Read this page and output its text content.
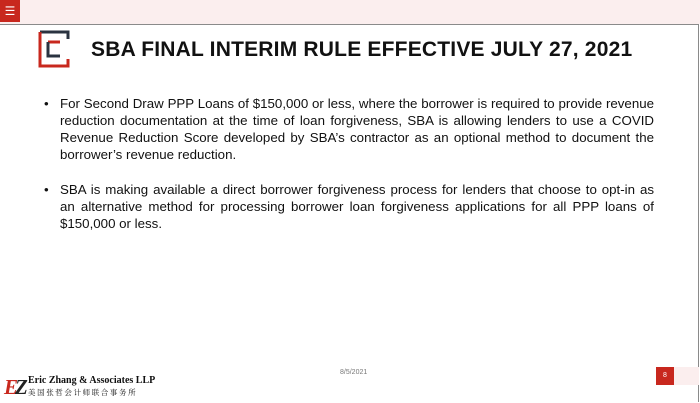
☰
SBA FINAL INTERIM RULE EFFECTIVE JULY 27, 2021
• For Second Draw PPP Loans of $150,000 or less, where the borrower is required to provide revenue reduction documentation at the time of loan forgiveness, SBA is allowing lenders to use a COVID Revenue Reduction Score developed by SBA’s contractor as an optional method to document the borrower’s revenue reduction.
• SBA is making available a direct borrower forgiveness process for lenders that choose to opt-in as an alternative method for processing borrower loan forgiveness applications for all PPP loans of $150,000 or less.
8/5/2021	8
EZ Eric Zhang & Associates LLP
美国张哲会计师联合事务所
